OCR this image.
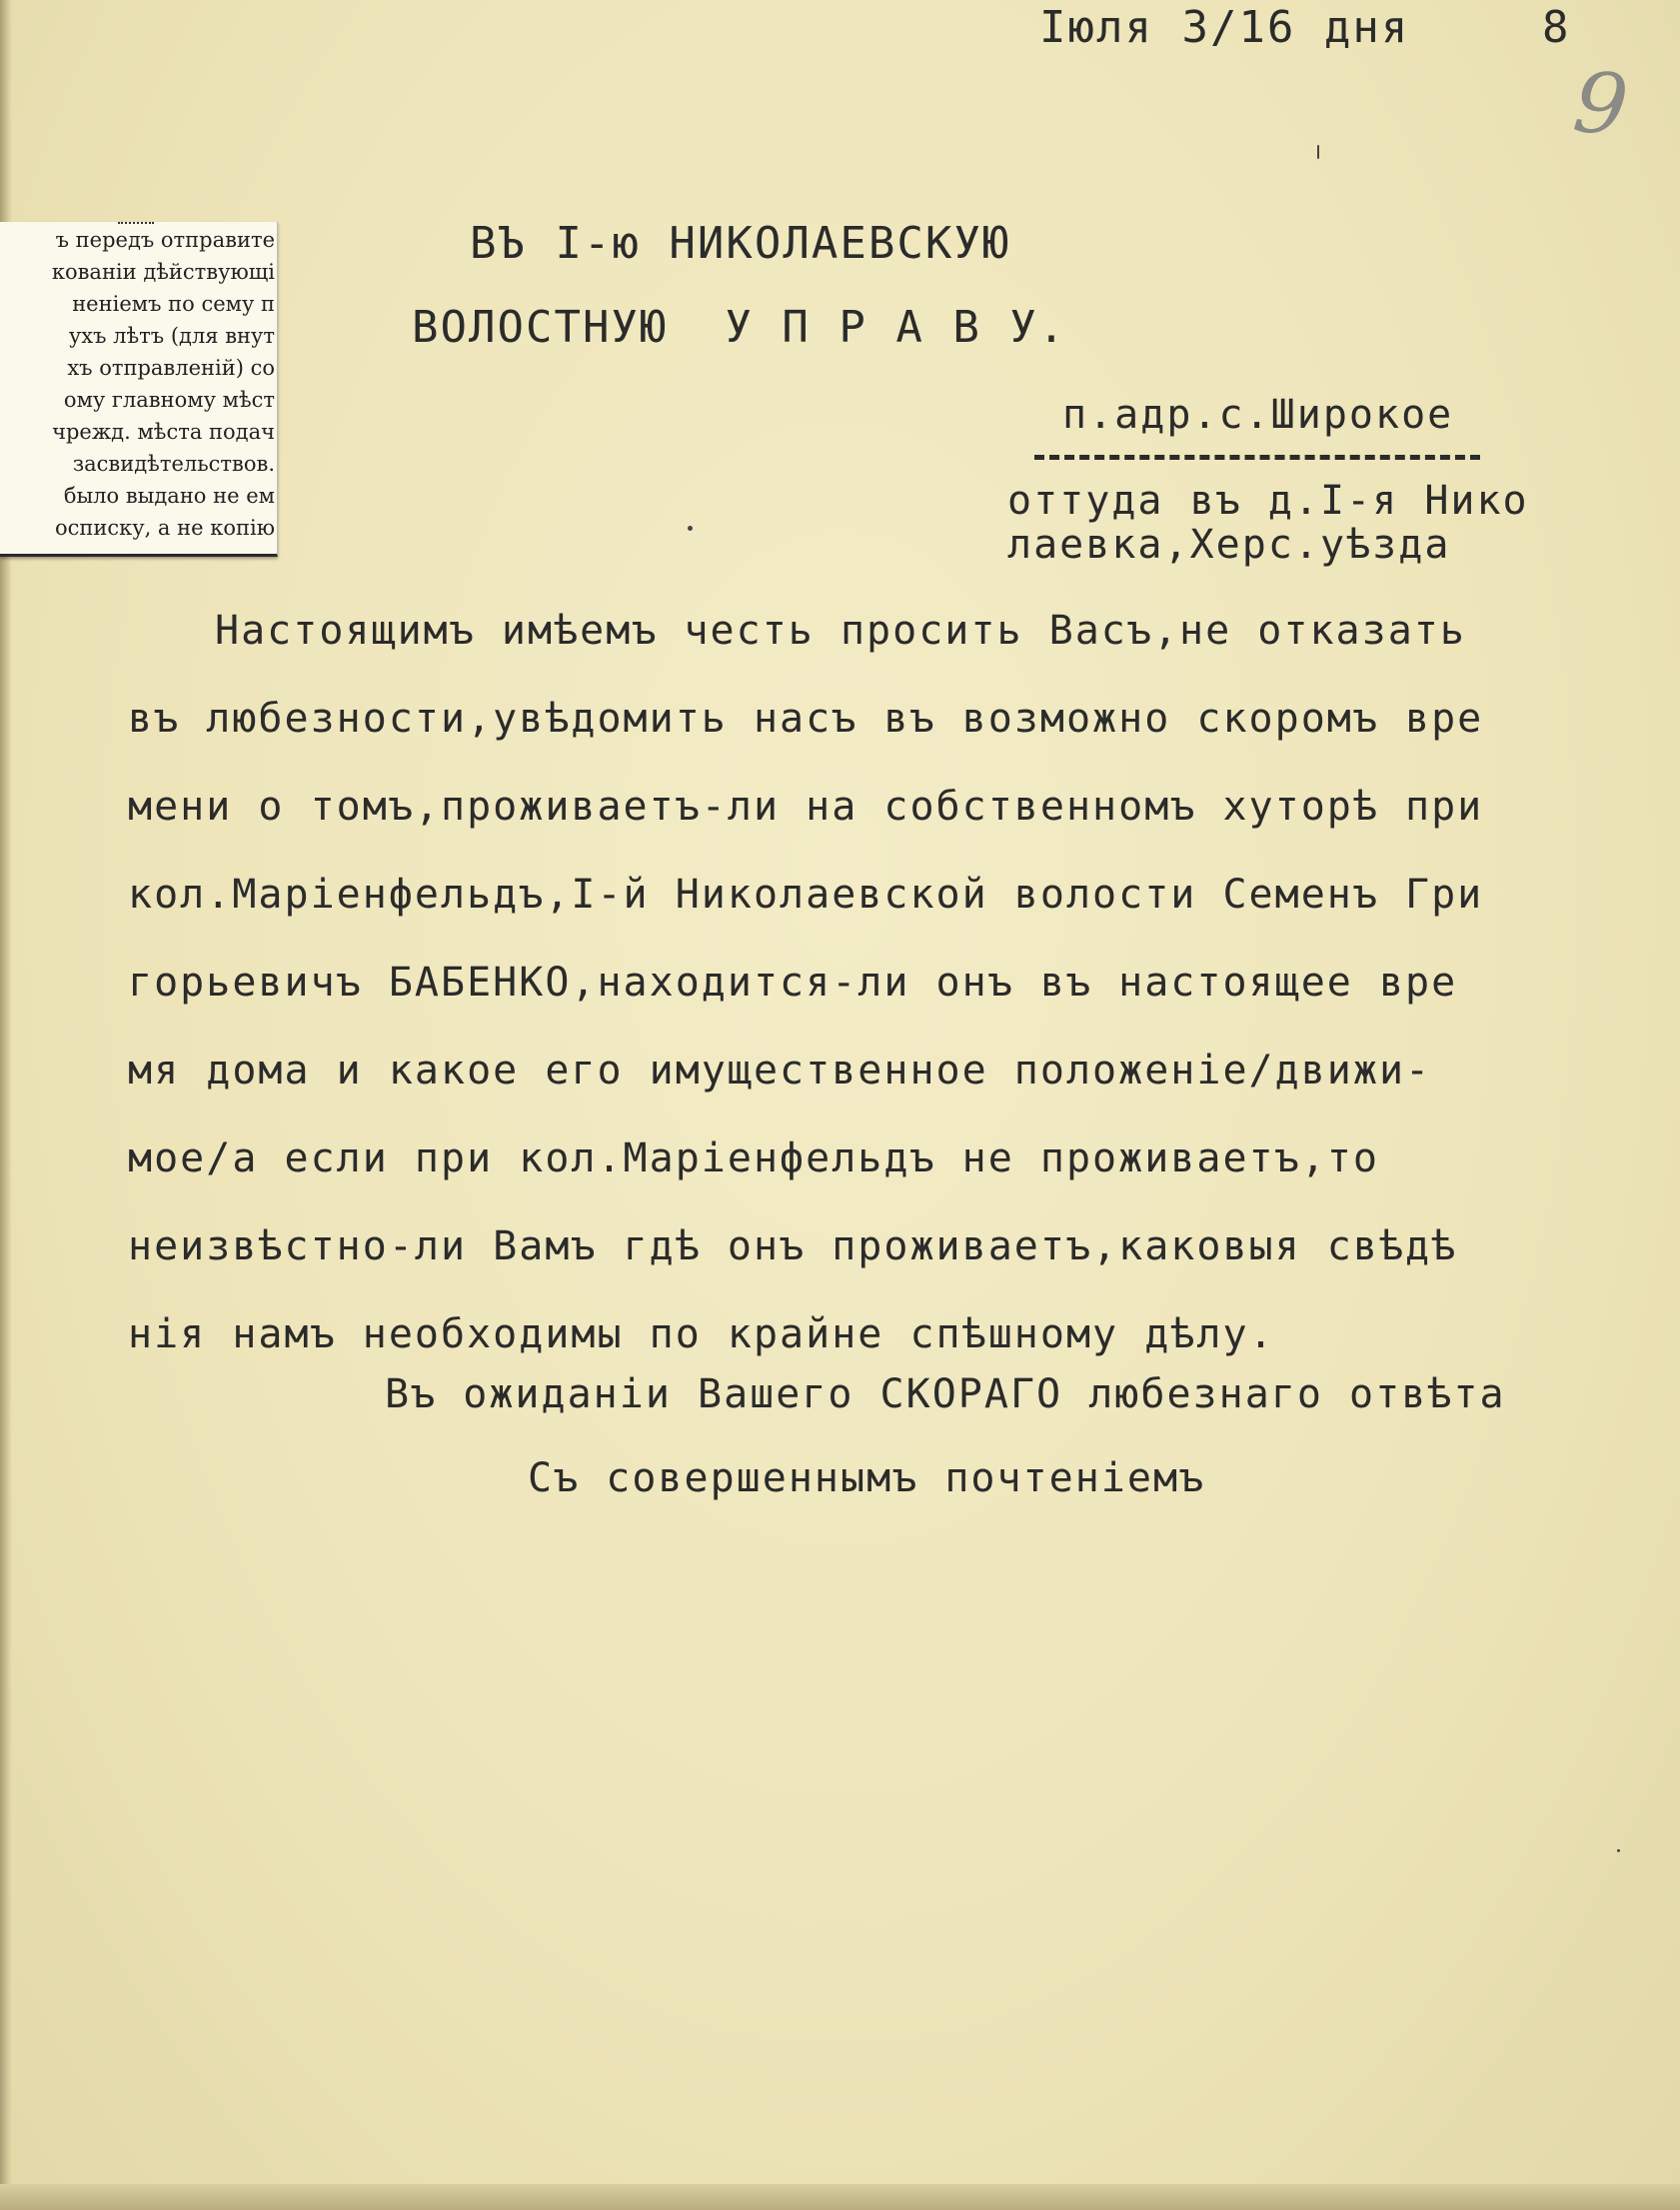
Іюля 3/16 дня	8
9
ъ передъ отправите
кованіи дѣйствующі
ненiемъ по сему п
ухъ лѣтъ (для внут
хъ отправленій) со
ому главному мѣст
чрежд. мѣста подач
засвидѣтельствов.
было выдано не ем
осписку, а не копію
ВЪ I-ю НИКОЛАЕВСКУЮ
ВОЛОСТНУЮ  У П Р А В У.
п.адр.с.Широкое
оттуда въ д.I-я Нико
лаевка,Херс.уѣзда
Настоящимъ имѣемъ честь просить Васъ,не отказать
въ любезности,увѣдомить насъ въ возможно скоромъ вре
мени о томъ,проживаетъ-ли на собственномъ хуторѣ при
кол.Маріенфельдъ,I-й Николаевской волости Семенъ Гри
горьевичъ БАБЕНКО,находится-ли онъ въ настоящее вре
мя дома и какое его имущественное положеніе/движи-
мое/а если при кол.Маріенфельдъ не проживаетъ,то
неизвѣстно-ли Вамъ гдѣ онъ проживаетъ,каковыя свѣдѣ
нія намъ необходимы по крайне спѣшному дѣлу.
Въ ожиданіи Вашего СКОРАГО любезнаго отвѣта
Съ совершеннымъ почтеніемъ
